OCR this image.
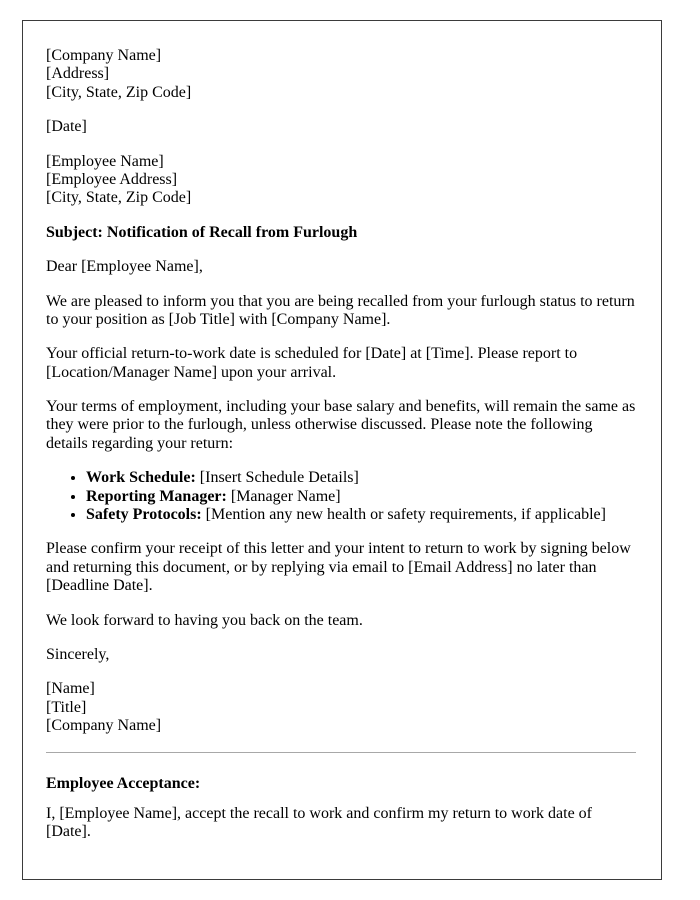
[Company Name]
[Address]
[City, State, Zip Code]

[Date]

[Employee Name]
[Employee Address]
[City, State, Zip Code]

Subject: Notification of Recall from Furlough

Dear [Employee Name],

We are pleased to inform you that you are being recalled from your furlough status to return to your position as [Job Title] with [Company Name].

Your official return-to-work date is scheduled for [Date] at [Time]. Please report to [Location/Manager Name] upon your arrival.

Your terms of employment, including your base salary and benefits, will remain the same as they were prior to the furlough, unless otherwise discussed. Please note the following details regarding your return:

• Work Schedule: [Insert Schedule Details]
• Reporting Manager: [Manager Name]
• Safety Protocols: [Mention any new health or safety requirements, if applicable]

Please confirm your receipt of this letter and your intent to return to work by signing below and returning this document, or by replying via email to [Email Address] no later than [Deadline Date].

We look forward to having you back on the team.

Sincerely,

[Name]
[Title]
[Company Name]

Employee Acceptance:

I, [Employee Name], accept the recall to work and confirm my return to work date of [Date].
